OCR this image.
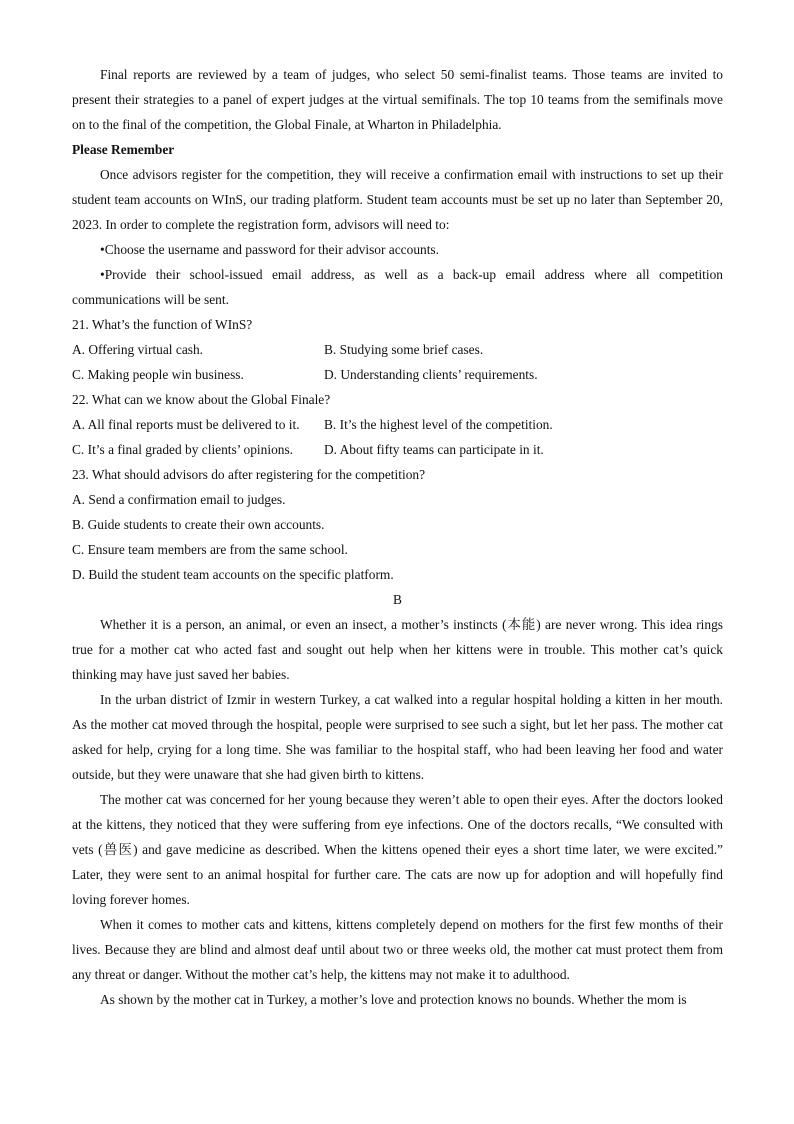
Final reports are reviewed by a team of judges, who select 50 semi-finalist teams. Those teams are invited to present their strategies to a panel of expert judges at the virtual semifinals. The top 10 teams from the semifinals move on to the final of the competition, the Global Finale, at Wharton in Philadelphia.

Please Remember

Once advisors register for the competition, they will receive a confirmation email with instructions to set up their student team accounts on WInS, our trading platform. Student team accounts must be set up no later than September 20, 2023. In order to complete the registration form, advisors will need to:

•Choose the username and password for their advisor accounts.

•Provide their school-issued email address, as well as a back-up email address where all competition communications will be sent.

21. What’s the function of WInS?

A. Offering virtual cash.	B. Studying some brief cases.
C. Making people win business.	D. Understanding clients’ requirements.

22. What can we know about the Global Finale?

A. All final reports must be delivered to it.	B. It’s the highest level of the competition.
C. It’s a final graded by clients’ opinions.	D. About fifty teams can participate in it.

23. What should advisors do after registering for the competition?

A. Send a confirmation email to judges.

B. Guide students to create their own accounts.

C. Ensure team members are from the same school.

D. Build the student team accounts on the specific platform.

B

Whether it is a person, an animal, or even an insect, a mother’s instincts (本能) are never wrong. This idea rings true for a mother cat who acted fast and sought out help when her kittens were in trouble. This mother cat’s quick thinking may have just saved her babies.

In the urban district of Izmir in western Turkey, a cat walked into a regular hospital holding a kitten in her mouth. As the mother cat moved through the hospital, people were surprised to see such a sight, but let her pass. The mother cat asked for help, crying for a long time. She was familiar to the hospital staff, who had been leaving her food and water outside, but they were unaware that she had given birth to kittens.

The mother cat was concerned for her young because they weren’t able to open their eyes. After the doctors looked at the kittens, they noticed that they were suffering from eye infections. One of the doctors recalls, “We consulted with vets (兽医) and gave medicine as described. When the kittens opened their eyes a short time later, we were excited.” Later, they were sent to an animal hospital for further care. The cats are now up for adoption and will hopefully find loving forever homes.

When it comes to mother cats and kittens, kittens completely depend on mothers for the first few months of their lives. Because they are blind and almost deaf until about two or three weeks old, the mother cat must protect them from any threat or danger. Without the mother cat’s help, the kittens may not make it to adulthood.

As shown by the mother cat in Turkey, a mother’s love and protection knows no bounds. Whether the mom is
